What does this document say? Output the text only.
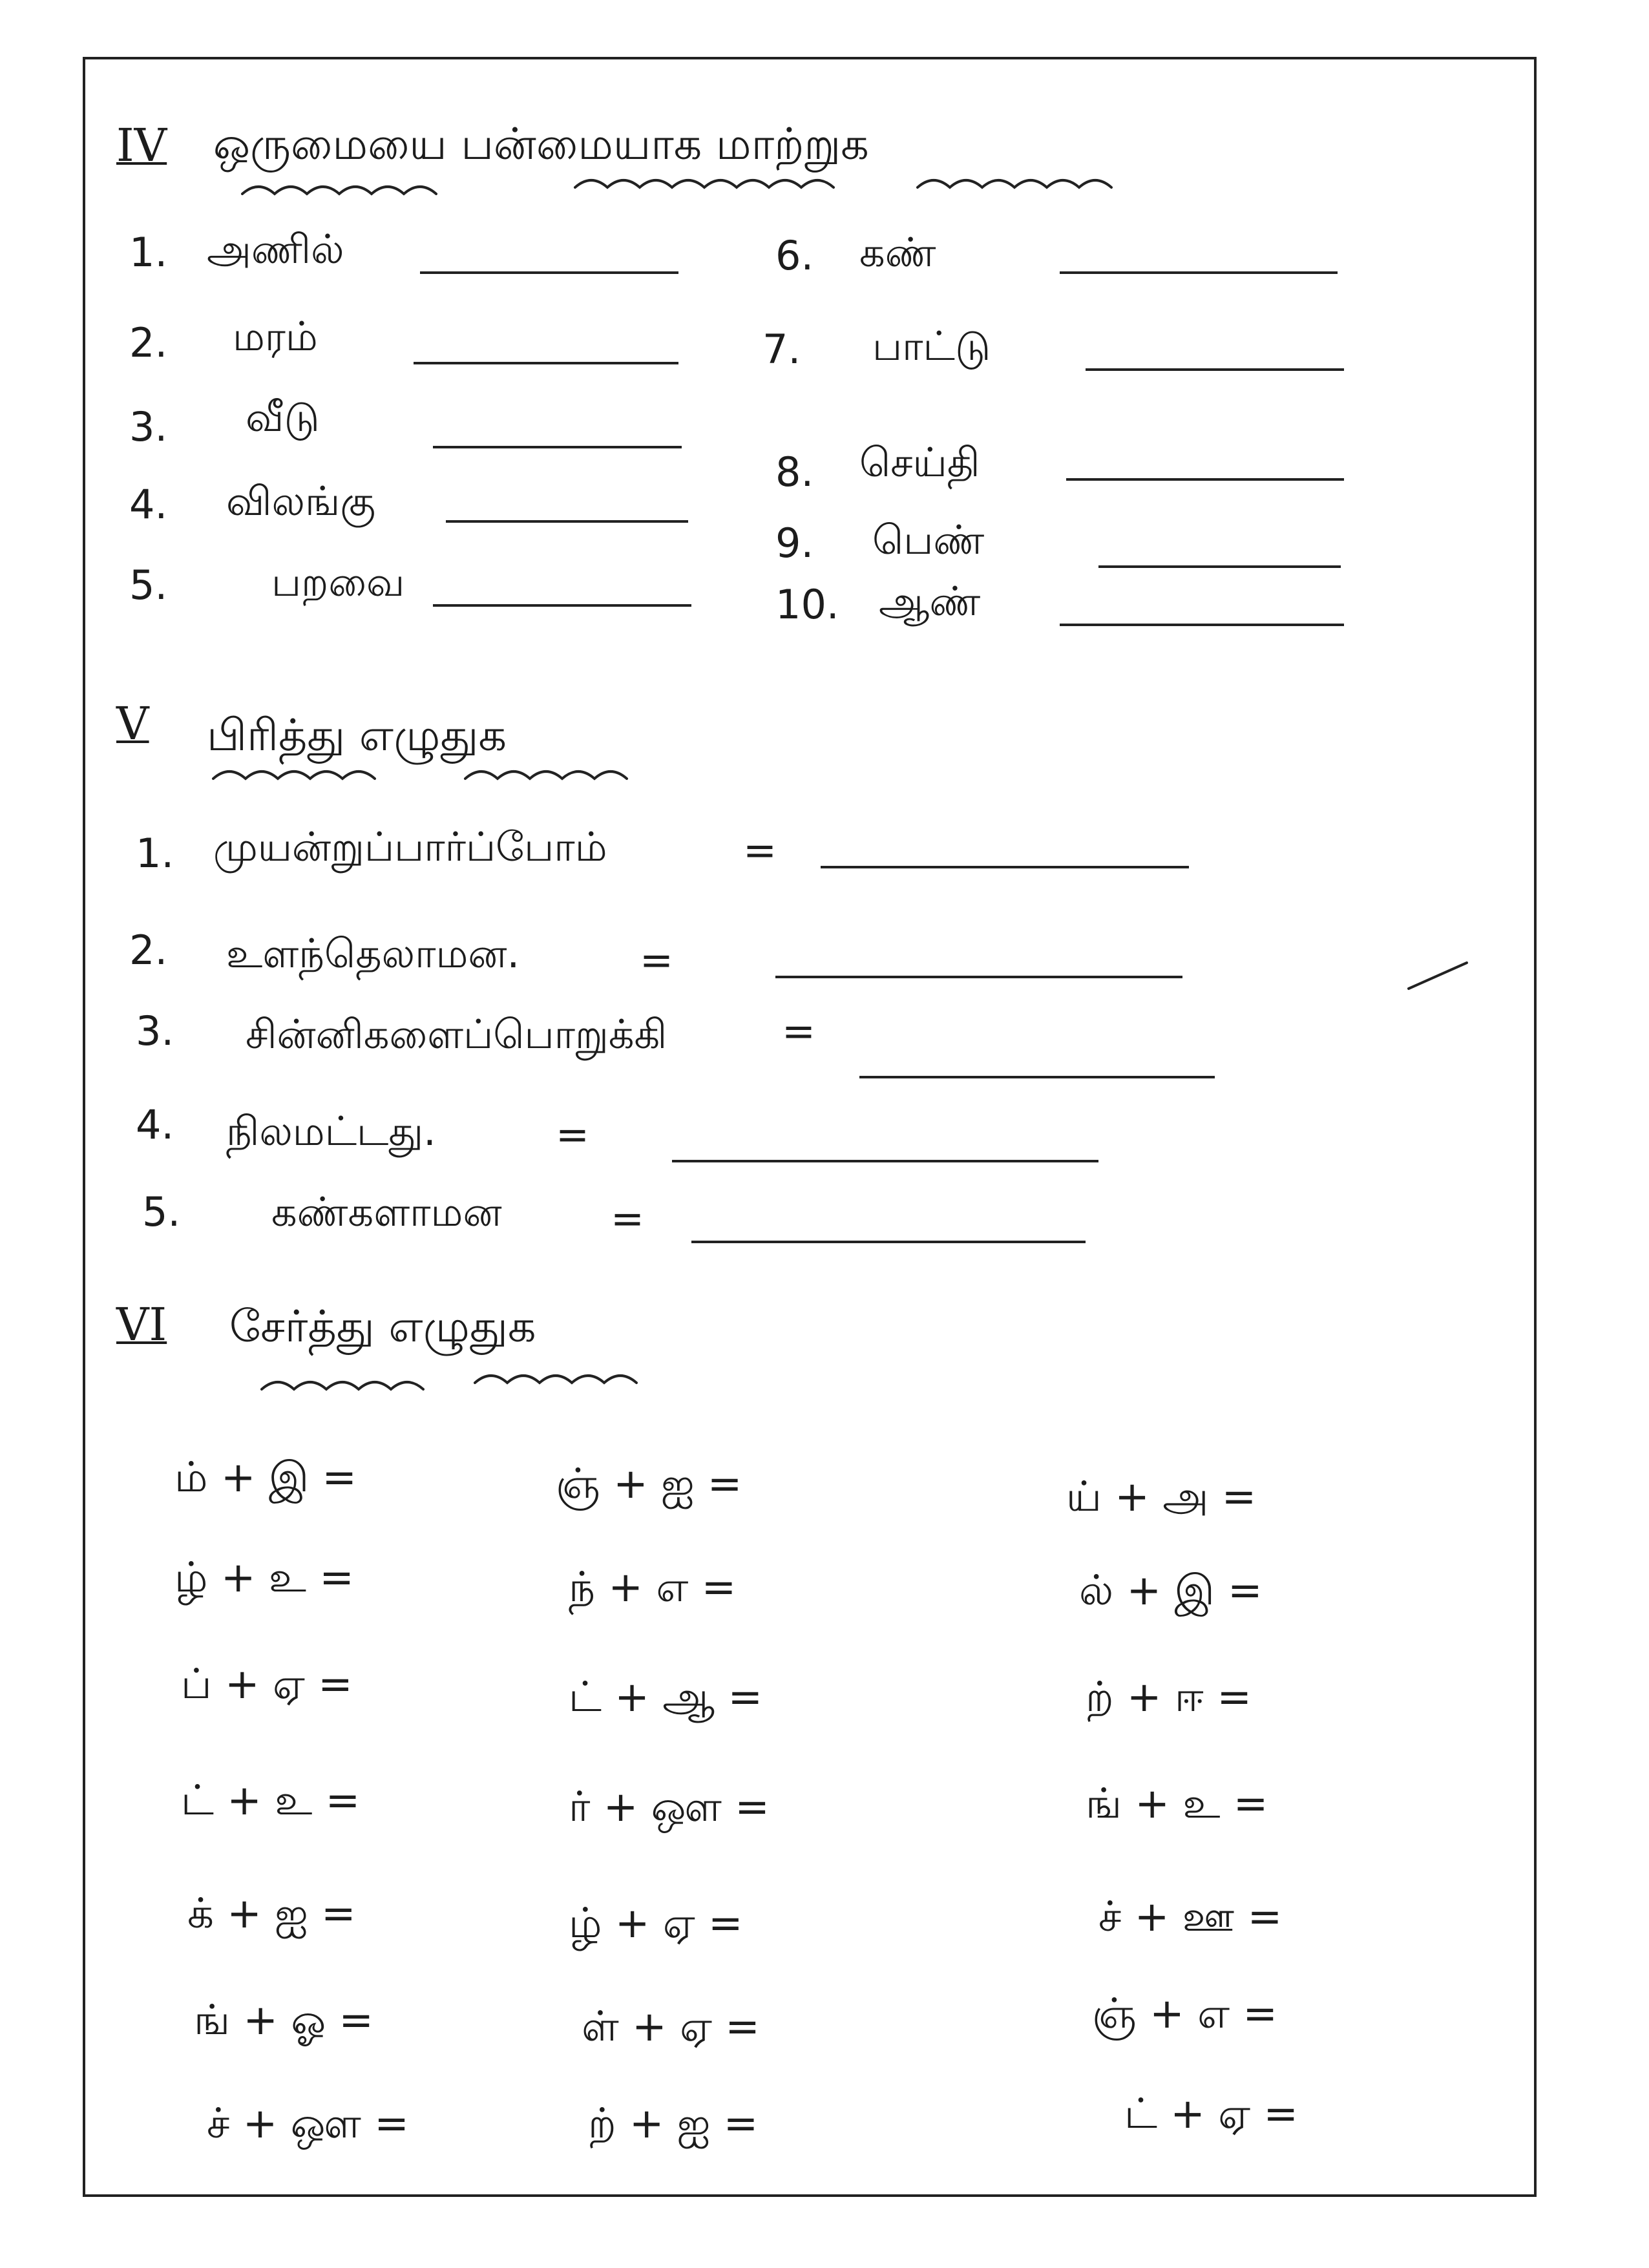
IV ஒருமையை பன்மையாக மாற்றுக
1. அணில்
2. மரம்
3. வீடு
4. விலங்கு
5.	பறவை
6. கண்
7. பாட்டு
8. செய்தி
9. பெண்
10. ஆண்
V பிரித்து எழுதுக
1. முயன்றுப்பார்ப்போம்	=
2. உளந்தெலாமன.	=
3. சின்னிகளைப்பொறுக்கி	=
4. நிலமட்டது.	=
5. கண்களாமன	=
VI சேர்த்து எழுதுக
ம் + இ =	ஞ் + ஐ =	ய் + அ =
ழ் + உ =	ந் + எ =	ல் + இ =
ப் + ஏ =	ட் + ஆ =	ற் + ஈ =
ட் + உ =	ர் + ஔ =	ங் + உ =
க் + ஐ =	ழ் + ஏ =	ச் + ஊ =
ங் + ஓ =	ள் + ஏ =	ஞ் + எ =
ச் + ஔ =	ற் + ஐ =	ட் + ஏ =
